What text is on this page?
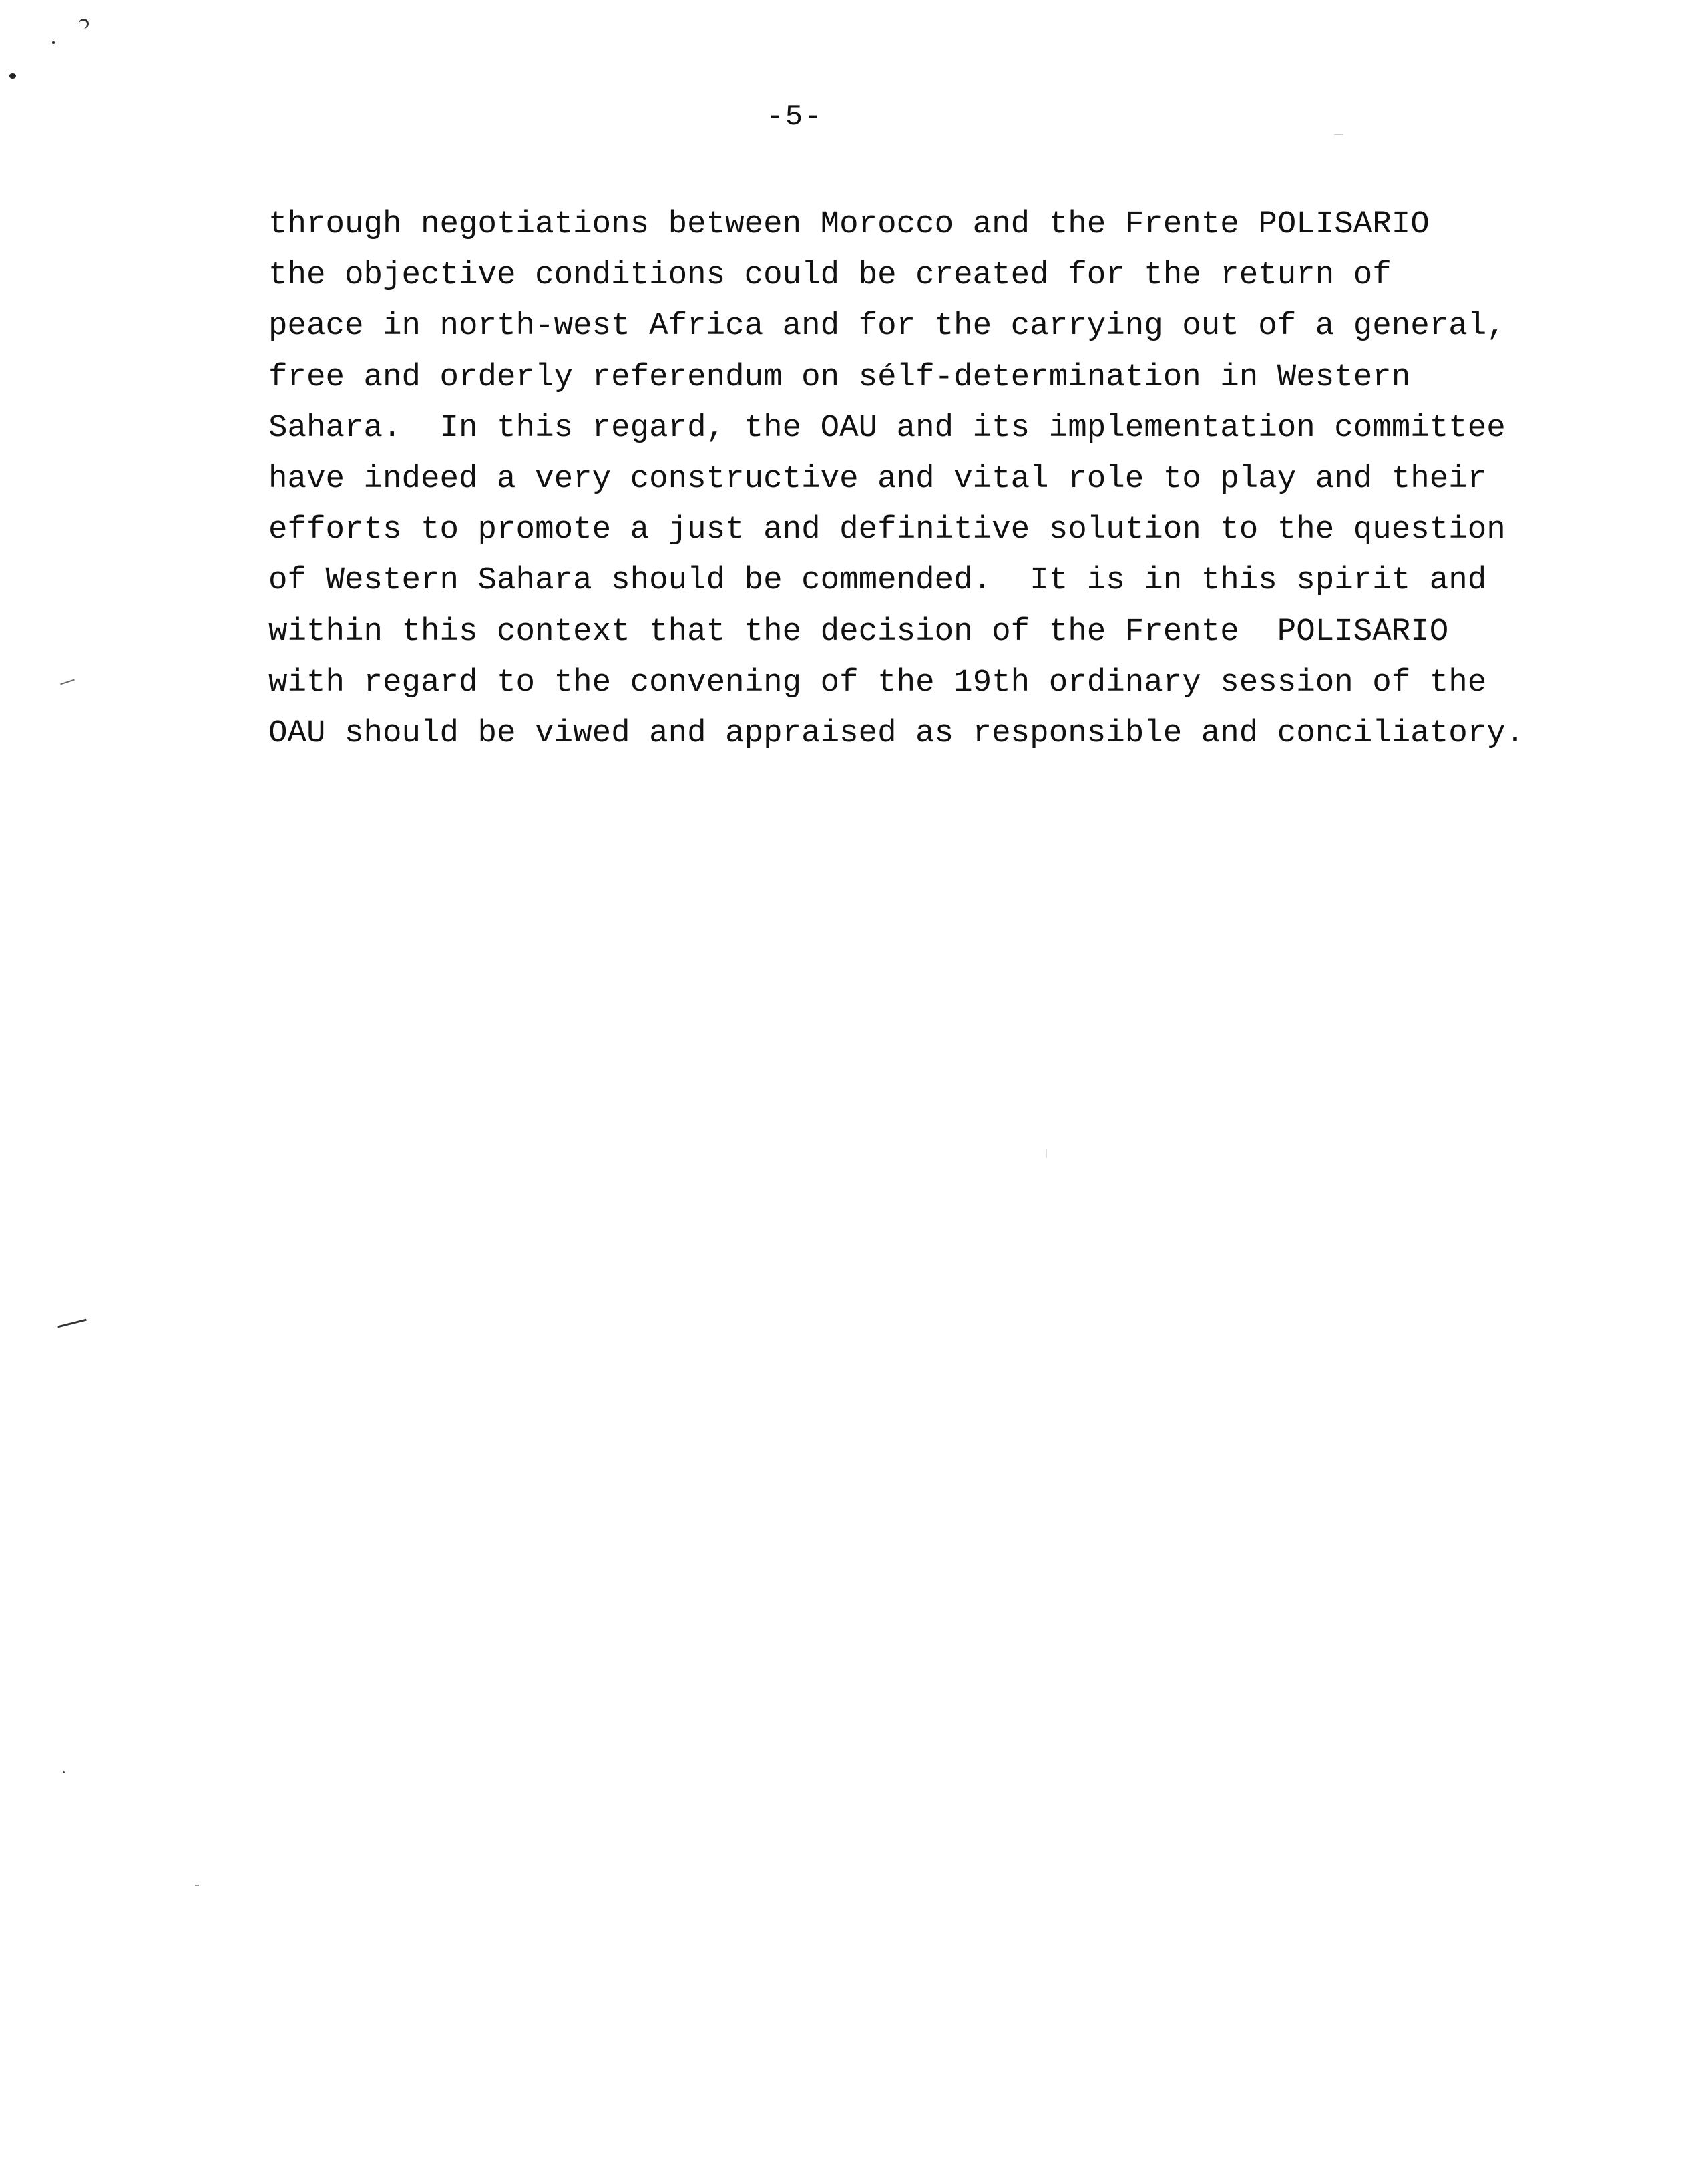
-5-
through negotiations between Morocco and the Frente POLISARIO
the objective conditions could be created for the return of
peace in north-west Africa and for the carrying out of a general,
free and orderly referendum on sélf-determination in Western
Sahara.  In this regard, the OAU and its implementation committee
have indeed a very constructive and vital role to play and their
efforts to promote a just and definitive solution to the question
of Western Sahara should be commended.  It is in this spirit and
within this context that the decision of the Frente  POLISARIO
with regard to the convening of the 19th ordinary session of the
OAU should be viwed and appraised as responsible and conciliatory.
